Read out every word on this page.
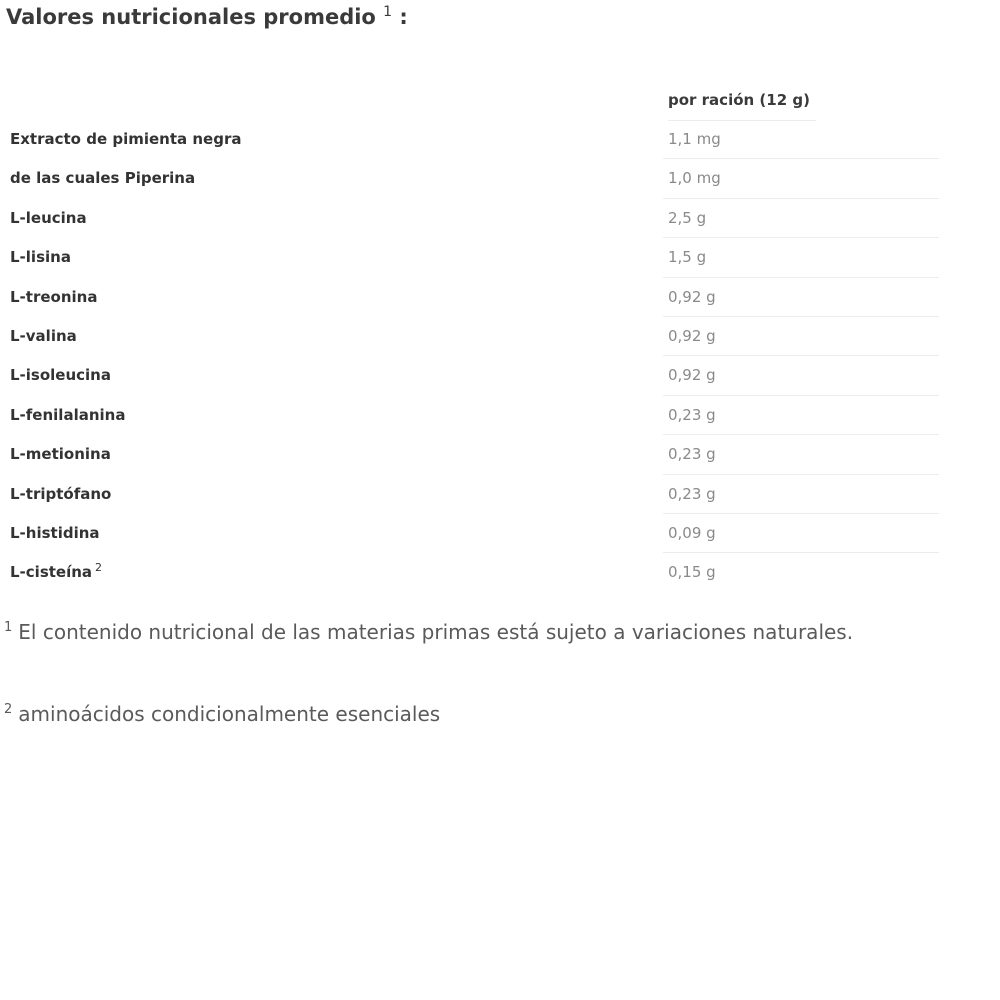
Valores nutricionales promedio $^1$ :
por ración (12 g)
Extracto de pimienta negra	1,1 mg
de las cuales Piperina	1,0 mg
L-leucina	2,5 g
L-lisina	1,5 g
L-treonina	0,92 g
L-valina	0,92 g
L-isoleucina	0,92 g
L-fenilalanina	0,23 g
L-metionina	0,23 g
L-triptófano	0,23 g
L-histidina	0,09 g
L-cisteína $^2$	0,15 g
$^1$ El contenido nutricional de las materias primas está sujeto a variaciones naturales.
$^2$ aminoácidos condicionalmente esenciales
